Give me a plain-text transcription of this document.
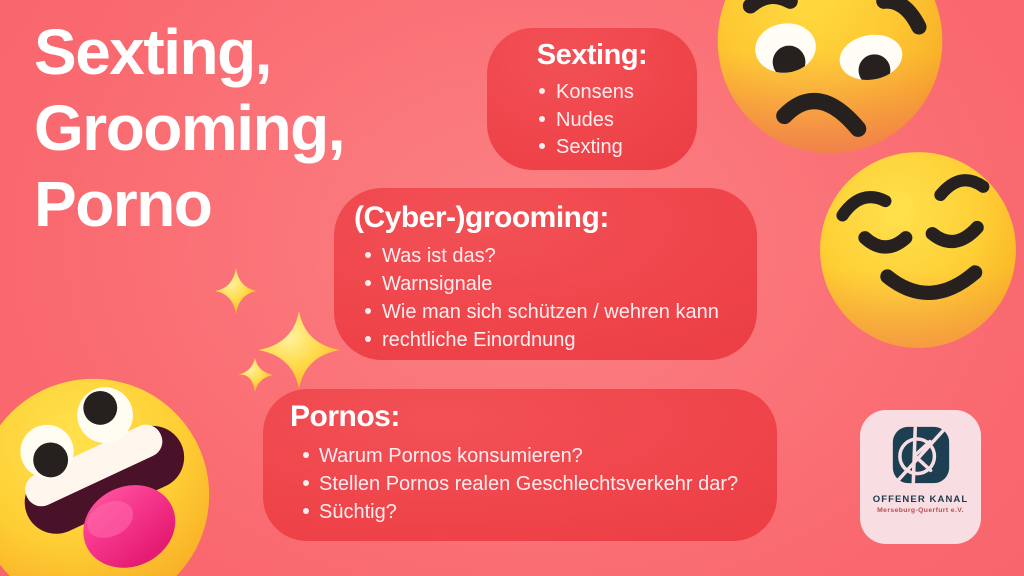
Sexting,
Grooming,
Porno
Sexting:
Konsens
Nudes
Sexting
(Cyber-)grooming:
Was ist das?
Warnsignale
Wie man sich schützen / wehren kann
rechtliche Einordnung
Pornos:
Warum Pornos konsumieren?
Stellen Pornos realen Geschlechtsverkehr dar?
Süchtig?
OFFENER KANAL
Merseburg-Querfurt e.V.
